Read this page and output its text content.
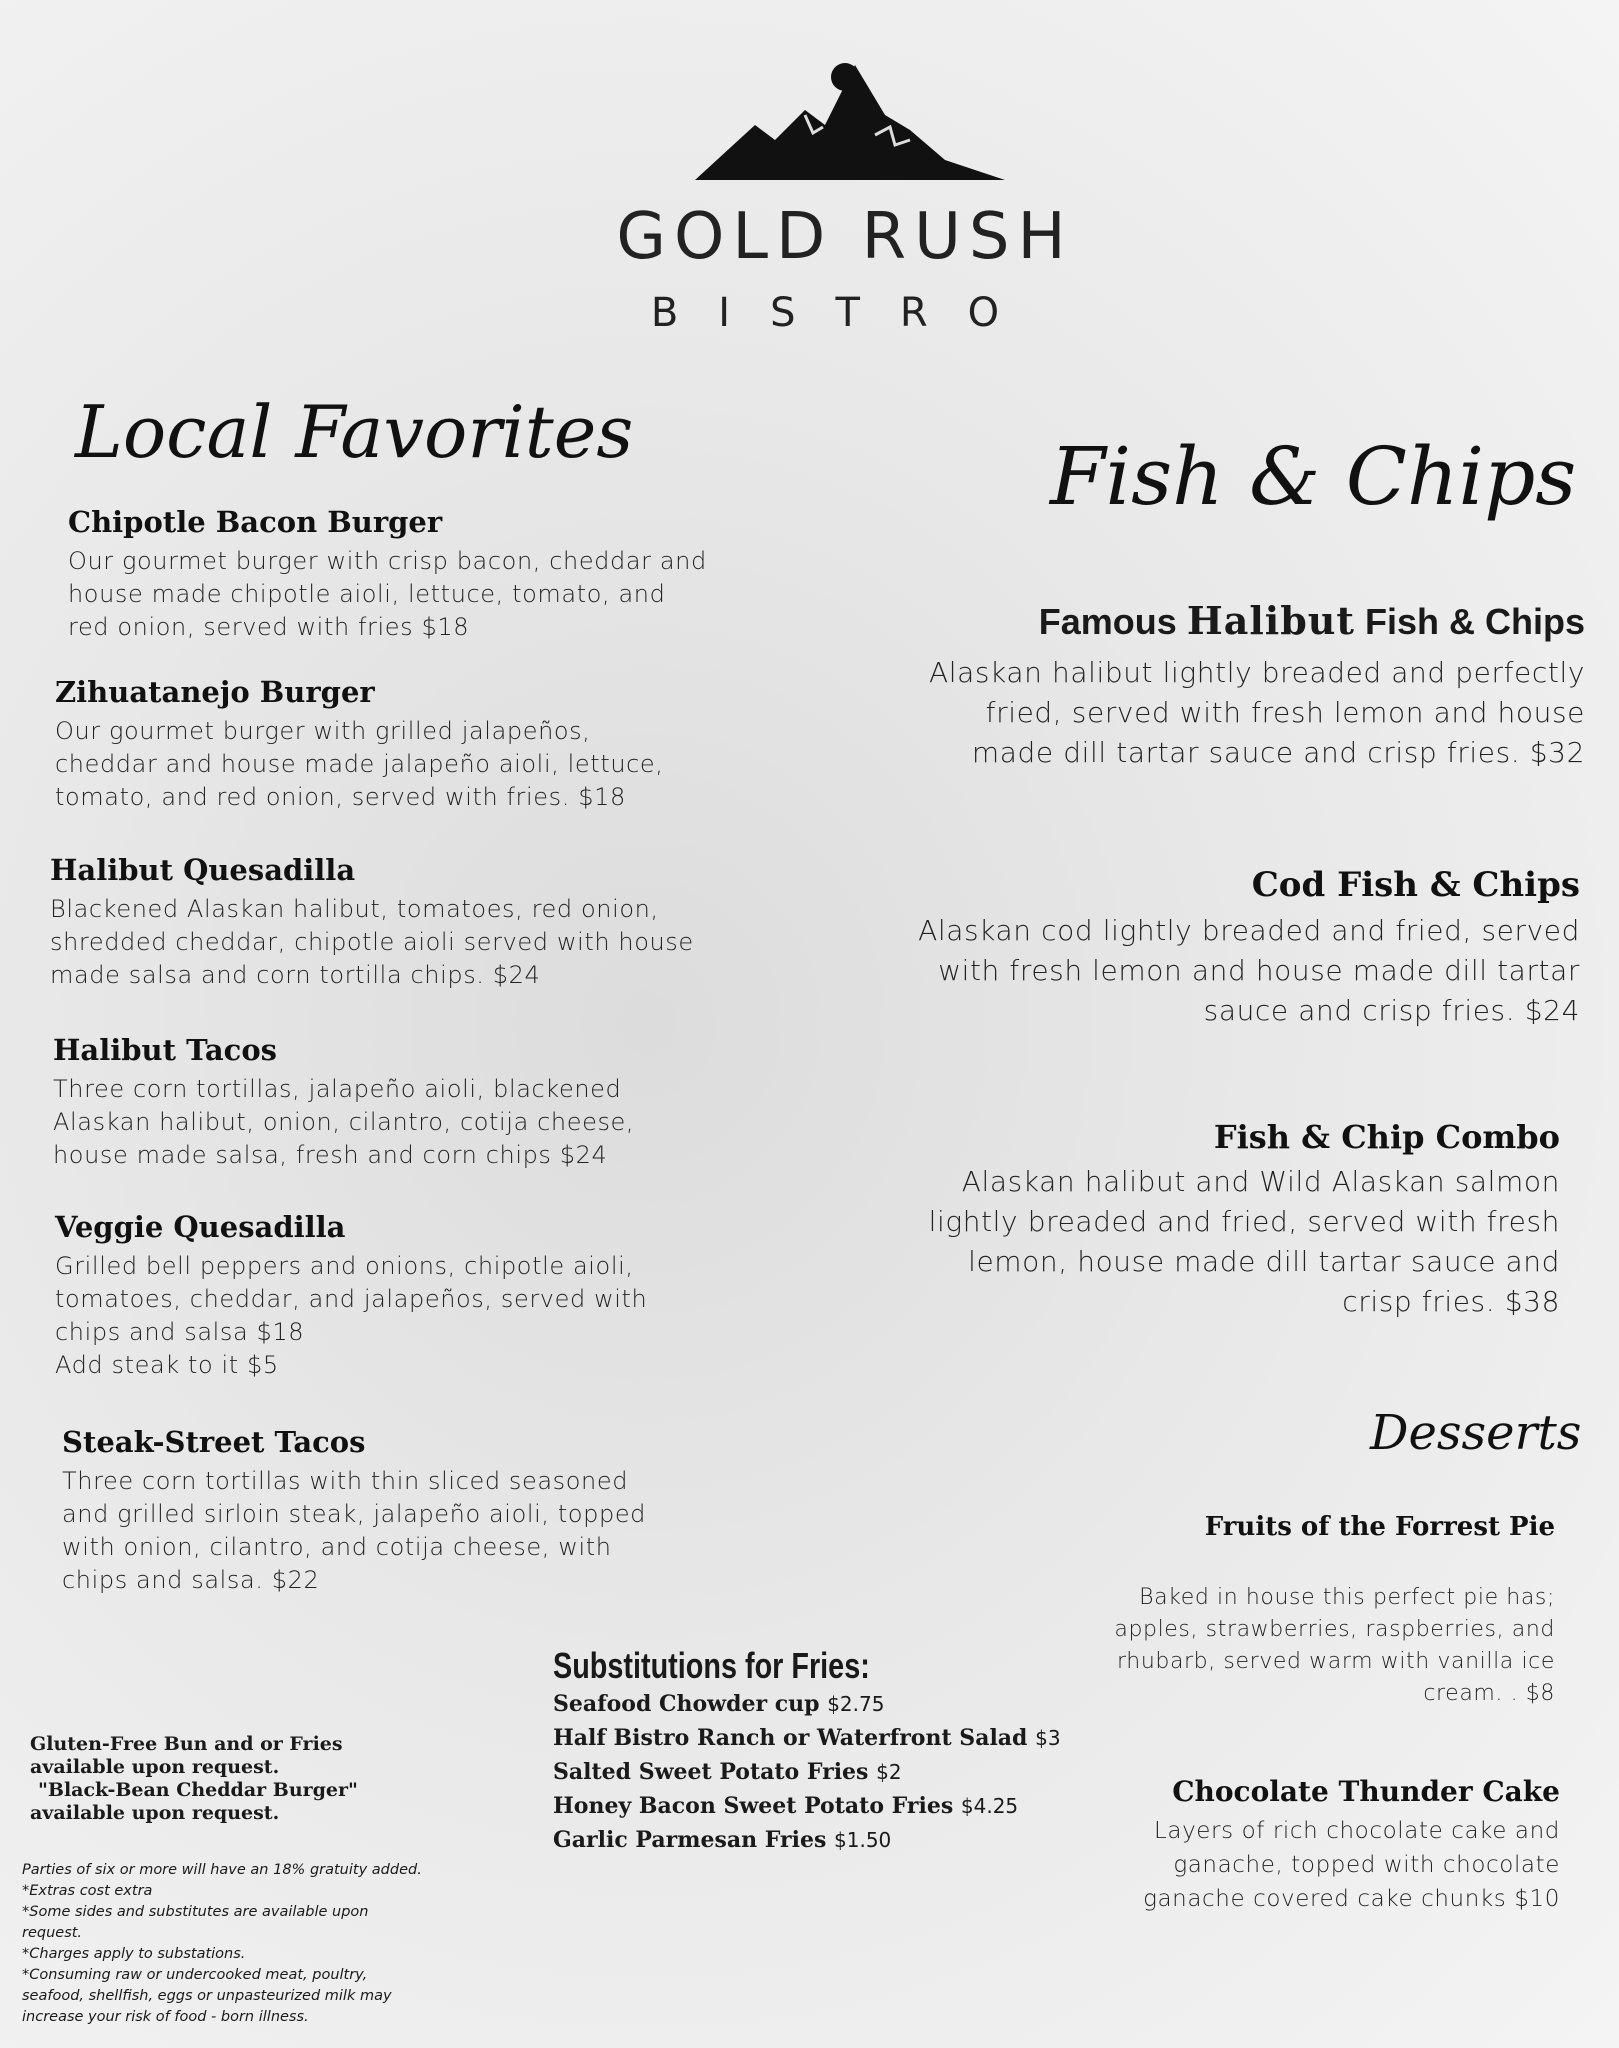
GOLD RUSH
BISTRO
Local Favorites	Fish & Chips
Desserts
Chipotle Bacon Burger
Our gourmet burger with crisp bacon, cheddar and house made chipotle aioli, lettuce, tomato, and red onion, served with fries $18
Zihuatanejo Burger
Our gourmet burger with grilled jalapeños, cheddar and house made jalapeño aioli, lettuce, tomato, and red onion, served with fries. $18
Halibut Quesadilla
Blackened Alaskan halibut, tomatoes, red onion, shredded cheddar, chipotle aioli served with house made salsa and corn tortilla chips. $24
Halibut Tacos
Three corn tortillas, jalapeño aioli, blackened Alaskan halibut, onion, cilantro, cotija cheese, house made salsa, fresh and corn chips $24
Veggie Quesadilla
Grilled bell peppers and onions, chipotle aioli, tomatoes, cheddar, and jalapeños, served with chips and salsa $18
Add steak to it $5
Steak-Street Tacos
Three corn tortillas with thin sliced seasoned and grilled sirloin steak, jalapeño aioli, topped with onion, cilantro, and cotija cheese, with chips and salsa. $22
Famous Halibut Fish & Chips
Alaskan halibut lightly breaded and perfectly fried, served with fresh lemon and house made dill tartar sauce and crisp fries. $32
Cod Fish & Chips
Alaskan cod lightly breaded and fried, served with fresh lemon and house made dill tartar sauce and crisp fries. $24
Fish & Chip Combo
Alaskan halibut and Wild Alaskan salmon lightly breaded and fried, served with fresh lemon, house made dill tartar sauce and crisp fries. $38
Fruits of the Forrest Pie
Baked in house this perfect pie has; apples, strawberries, raspberries, and rhubarb, served warm with vanilla ice cream. . $8
Chocolate Thunder Cake
Layers of rich chocolate cake and ganache, topped with chocolate ganache covered cake chunks $10
Substitutions for Fries:
Seafood Chowder cup $2.75
Half Bistro Ranch or Waterfront Salad $3
Salted Sweet Potato Fries $2
Honey Bacon Sweet Potato Fries $4.25
Garlic Parmesan Fries $1.50
Gluten-Free Bun and or Fries
available upon request.
"Black-Bean Cheddar Burger"
available upon request.
Parties of six or more will have an 18% gratuity added.
*Extras cost extra
*Some sides and substitutes are available upon request.
*Charges apply to substations.
*Consuming raw or undercooked meat, poultry, seafood, shellfish, eggs or unpasteurized milk may increase your risk of food - born illness.
